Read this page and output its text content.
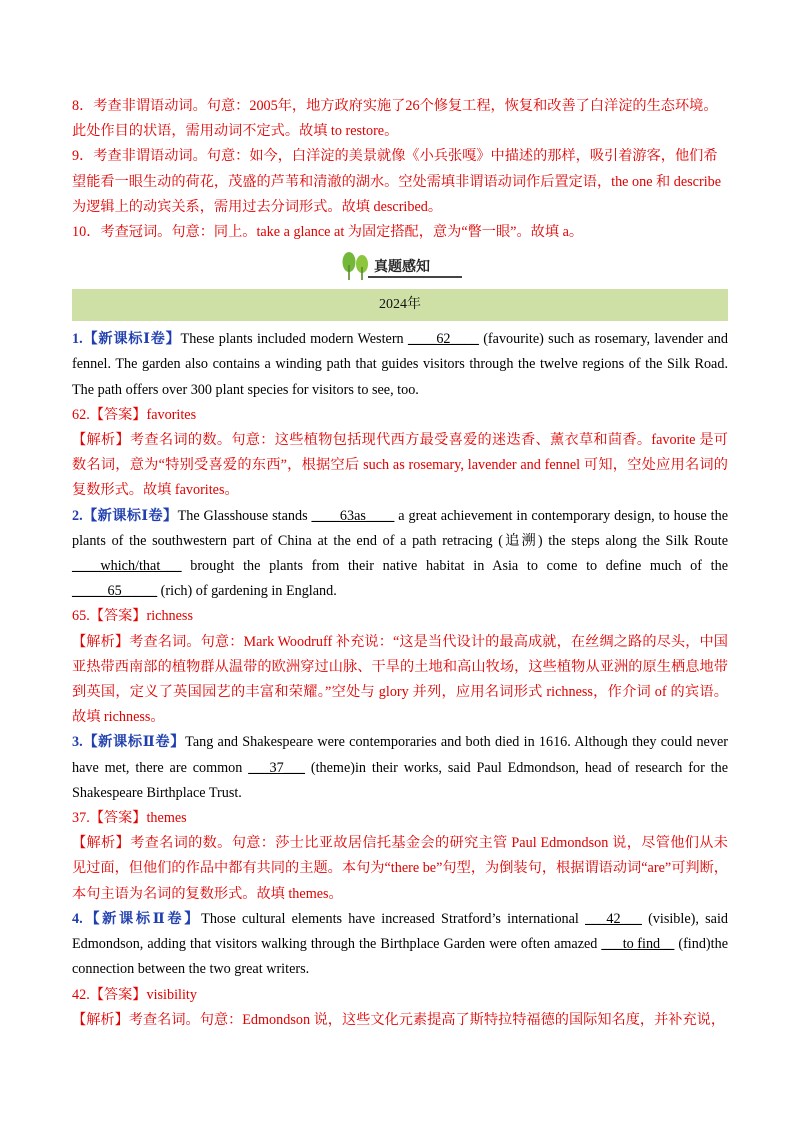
8．考查非谓语动词。句意：2005年，地方政府实施了26个修复工程，恢复和改善了白洋淀的生态环境。

此处作目的状语，需用动词不定式。故填 to restore。

9．考查非谓语动词。句意：如今，白洋淀的美景就像《小兵张嘎》中描述的那样，吸引着游客，他们希

望能看一眼生动的荷花，茂盛的芦苇和清澈的湖水。空处需填非谓语动词作后置定语，the one 和 describe

为逻辑上的动宾关系，需用过去分词形式。故填 described。

10．考查冠词。句意：同上。take a glance at 为固定搭配，意为“瞥一眼”。故填 a。

真题感知
2024年

1.【新课标Ⅰ卷】These plants included modern Western ____62____ (favourite) such as rosemary, lavender and fennel. The garden also contains a winding path that guides visitors through the twelve regions of the Silk Road. The path offers over 300 plant species for visitors to see, too.

62.【答案】favorites

【解析】考查名词的数。句意：这些植物包括现代西方最受喜爱的迷迭香、薰衣草和茴香。favorite 是可数名词，意为“特别受喜爱的东西”，根据空后 such as rosemary, lavender and fennel 可知，空处应用名词的复数形式。故填 favorites。

2.【新课标Ⅰ卷】The Glasshouse stands ____63as____ a great achievement in contemporary design, to house the plants of the southwestern part of China at the end of a path retracing (追溯) the steps along the Silk Route ____which/that___ brought the plants from their native habitat in Asia to come to define much of the _____65_____ (rich) of gardening in England.

65.【答案】richness

【解析】考查名词。句意：Mark Woodruff 补充说：“这是当代设计的最高成就，在丝绸之路的尽头，中国亚热带西南部的植物群从温带的欧洲穿过山脉、干旱的土地和高山牧场，这些植物从亚洲的原生栖息地带到英国，定义了英国园艺的丰富和荣耀。”空处与 glory 并列，应用名词形式 richness，作介词 of 的宾语。故填 richness。

3.【新课标Ⅱ卷】Tang and Shakespeare were contemporaries and both died in 1616. Although they could never have met, there are common ___37___ (theme)in their works, said Paul Edmondson, head of research for the Shakespeare Birthplace Trust.

37.【答案】themes

【解析】考查名词的数。句意：莎士比亚故居信托基金会的研究主管 Paul Edmondson 说，尽管他们从未见过面，但他们的作品中都有共同的主题。本句为“there be”句型，为倒装句，根据谓语动词“are”可判断，本句主语为名词的复数形式。故填 themes。

4.【新课标Ⅱ卷】Those cultural elements have increased Stratford’s international ___42___ (visible), said Edmondson, adding that visitors walking through the Birthplace Garden were often amazed ___to find__ (find)the connection between the two great writers.

42.【答案】visibility

【解析】考查名词。句意：Edmondson 说，这些文化元素提高了斯特拉特福德的国际知名度，并补充说，
